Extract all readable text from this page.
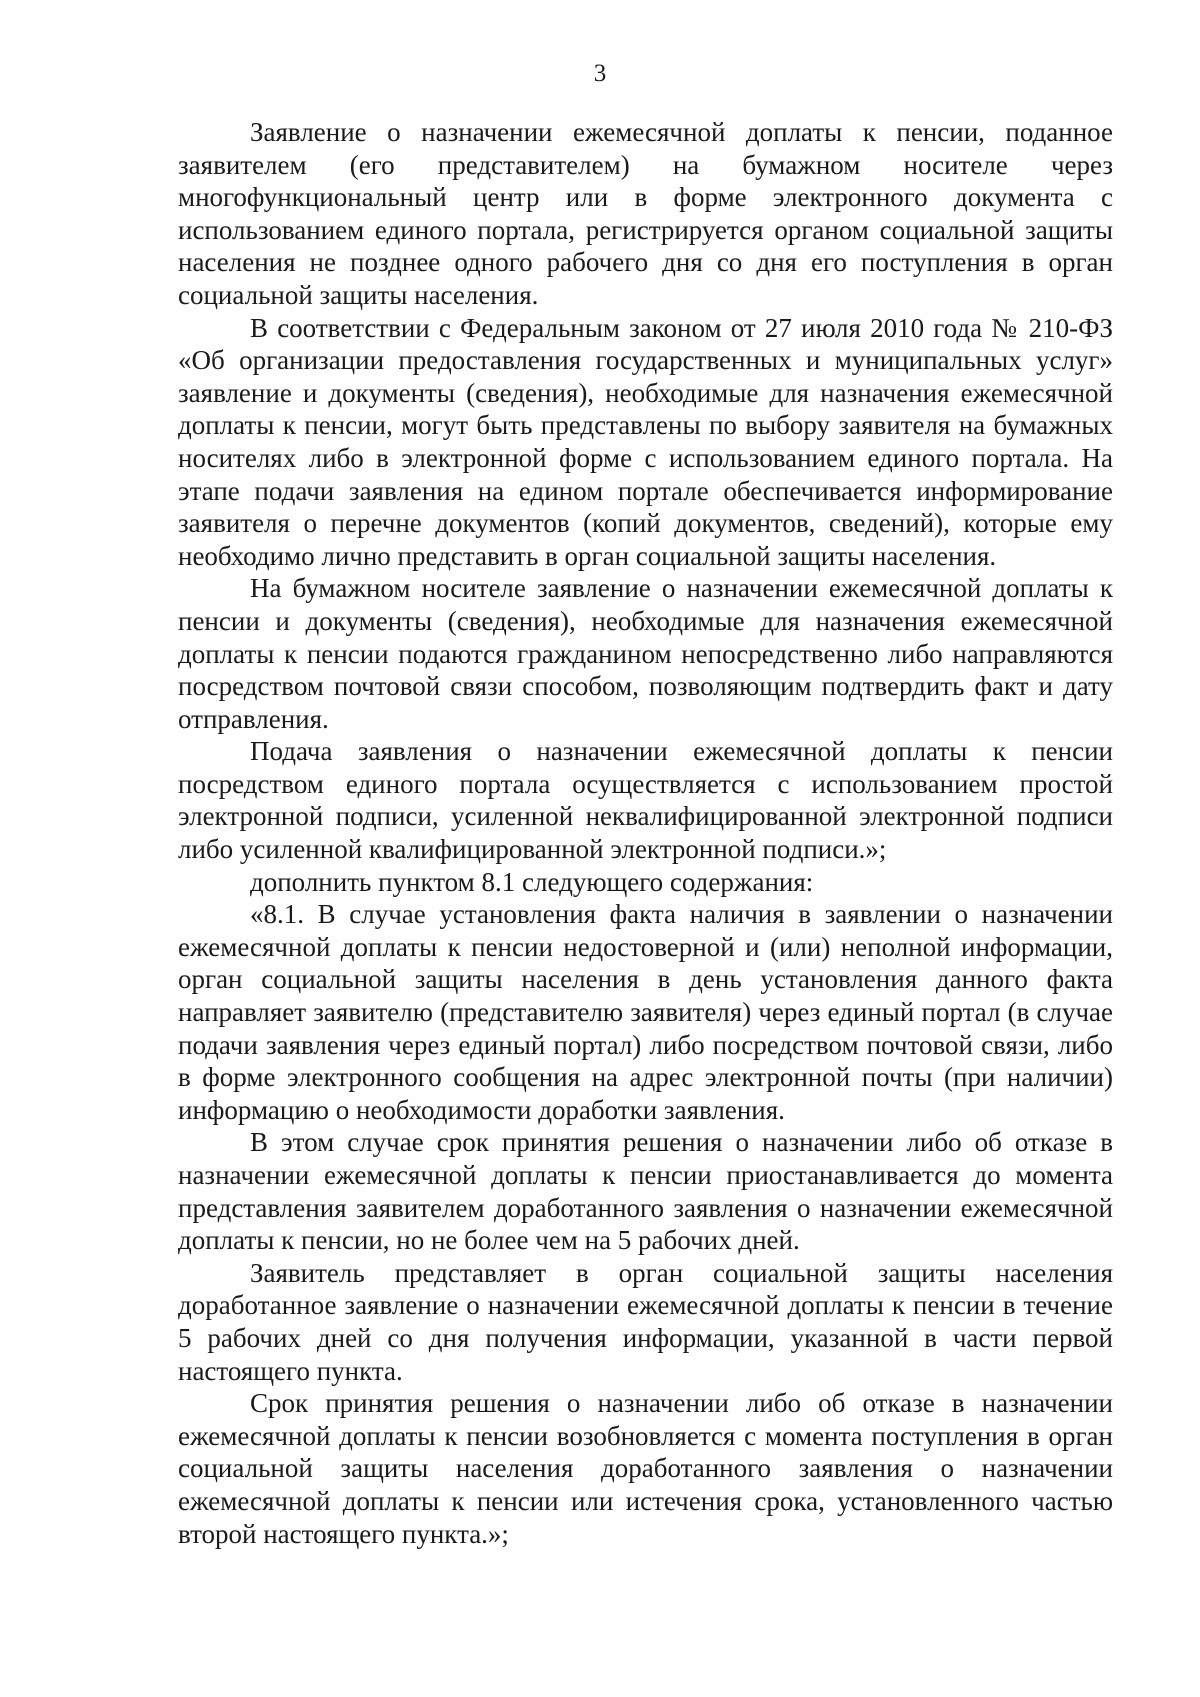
3

Заявление о назначении ежемесячной доплаты к пенсии, поданное заявителем (его представителем) на бумажном носителе через многофункциональный центр или в форме электронного документа с использованием единого портала, регистрируется органом социальной защиты населения не позднее одного рабочего дня со дня его поступления в орган социальной защиты населения.

В соответствии с Федеральным законом от 27 июля 2010 года № 210-ФЗ «Об организации предоставления государственных и муниципальных услуг» заявление и документы (сведения), необходимые для назначения ежемесячной доплаты к пенсии, могут быть представлены по выбору заявителя на бумажных носителях либо в электронной форме с использованием единого портала. На этапе подачи заявления на едином портале обеспечивается информирование заявителя о перечне документов (копий документов, сведений), которые ему необходимо лично представить в орган социальной защиты населения.

На бумажном носителе заявление о назначении ежемесячной доплаты к пенсии и документы (сведения), необходимые для назначения ежемесячной доплаты к пенсии подаются гражданином непосредственно либо направляются посредством почтовой связи способом, позволяющим подтвердить факт и дату отправления.

Подача заявления о назначении ежемесячной доплаты к пенсии посредством единого портала осуществляется с использованием простой электронной подписи, усиленной неквалифицированной электронной подписи либо усиленной квалифицированной электронной подписи.»;

дополнить пунктом 8.1 следующего содержания:

«8.1. В случае установления факта наличия в заявлении о назначении ежемесячной доплаты к пенсии недостоверной и (или) неполной информации, орган социальной защиты населения в день установления данного факта направляет заявителю (представителю заявителя) через единый портал (в случае подачи заявления через единый портал) либо посредством почтовой связи, либо в форме электронного сообщения на адрес электронной почты (при наличии) информацию о необходимости доработки заявления.

В этом случае срок принятия решения о назначении либо об отказе в назначении ежемесячной доплаты к пенсии приостанавливается до момента представления заявителем доработанного заявления о назначении ежемесячной доплаты к пенсии, но не более чем на 5 рабочих дней.

Заявитель представляет в орган социальной защиты населения доработанное заявление о назначении ежемесячной доплаты к пенсии в течение 5 рабочих дней со дня получения информации, указанной в части первой настоящего пункта.

Срок принятия решения о назначении либо об отказе в назначении ежемесячной доплаты к пенсии возобновляется с момента поступления в орган социальной защиты населения доработанного заявления о назначении ежемесячной доплаты к пенсии или истечения срока, установленного частью второй настоящего пункта.»;
